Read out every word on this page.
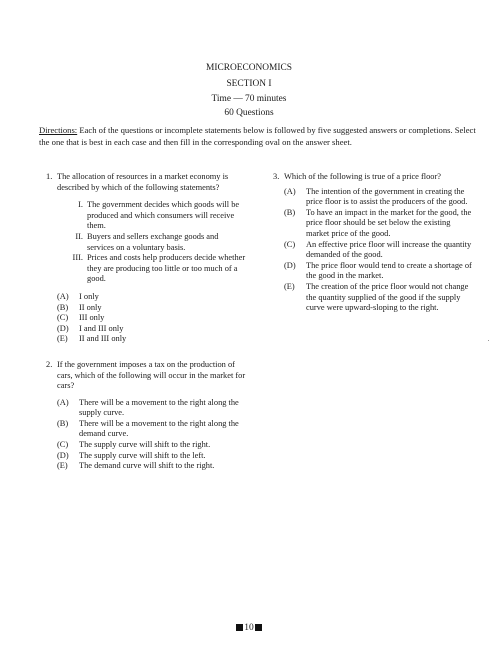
MICROECONOMICS
SECTION I
Time — 70 minutes
60 Questions
Directions: Each of the questions or incomplete statements below is followed by five suggested answers or completions. Select the one that is best in each case and then fill in the corresponding oval on the answer sheet.
1. The allocation of resources in a market economy is described by which of the following statements?
I. The government decides which goods will be produced and which consumers will receive them.
II. Buyers and sellers exchange goods and services on a voluntary basis.
III. Prices and costs help producers decide whether they are producing too little or too much of a good.
(A) I only
(B) II only
(C) III only
(D) I and III only
(E) II and III only
2. If the government imposes a tax on the production of cars, which of the following will occur in the market for cars?
(A) There will be a movement to the right along the supply curve.
(B) There will be a movement to the right along the demand curve.
(C) The supply curve will shift to the right.
(D) The supply curve will shift to the left.
(E) The demand curve will shift to the right.
3. Which of the following is true of a price floor?
(A) The intention of the government in creating the price floor is to assist the producers of the good.
(B) To have an impact in the market for the good, the price floor should be set below the existing market price of the good.
(C) An effective price floor will increase the quantity demanded of the good.
(D) The price floor would tend to create a shortage of the good in the market.
(E) The creation of the price floor would not change the quantity supplied of the good if the supply curve were upward-sloping to the right.
10
